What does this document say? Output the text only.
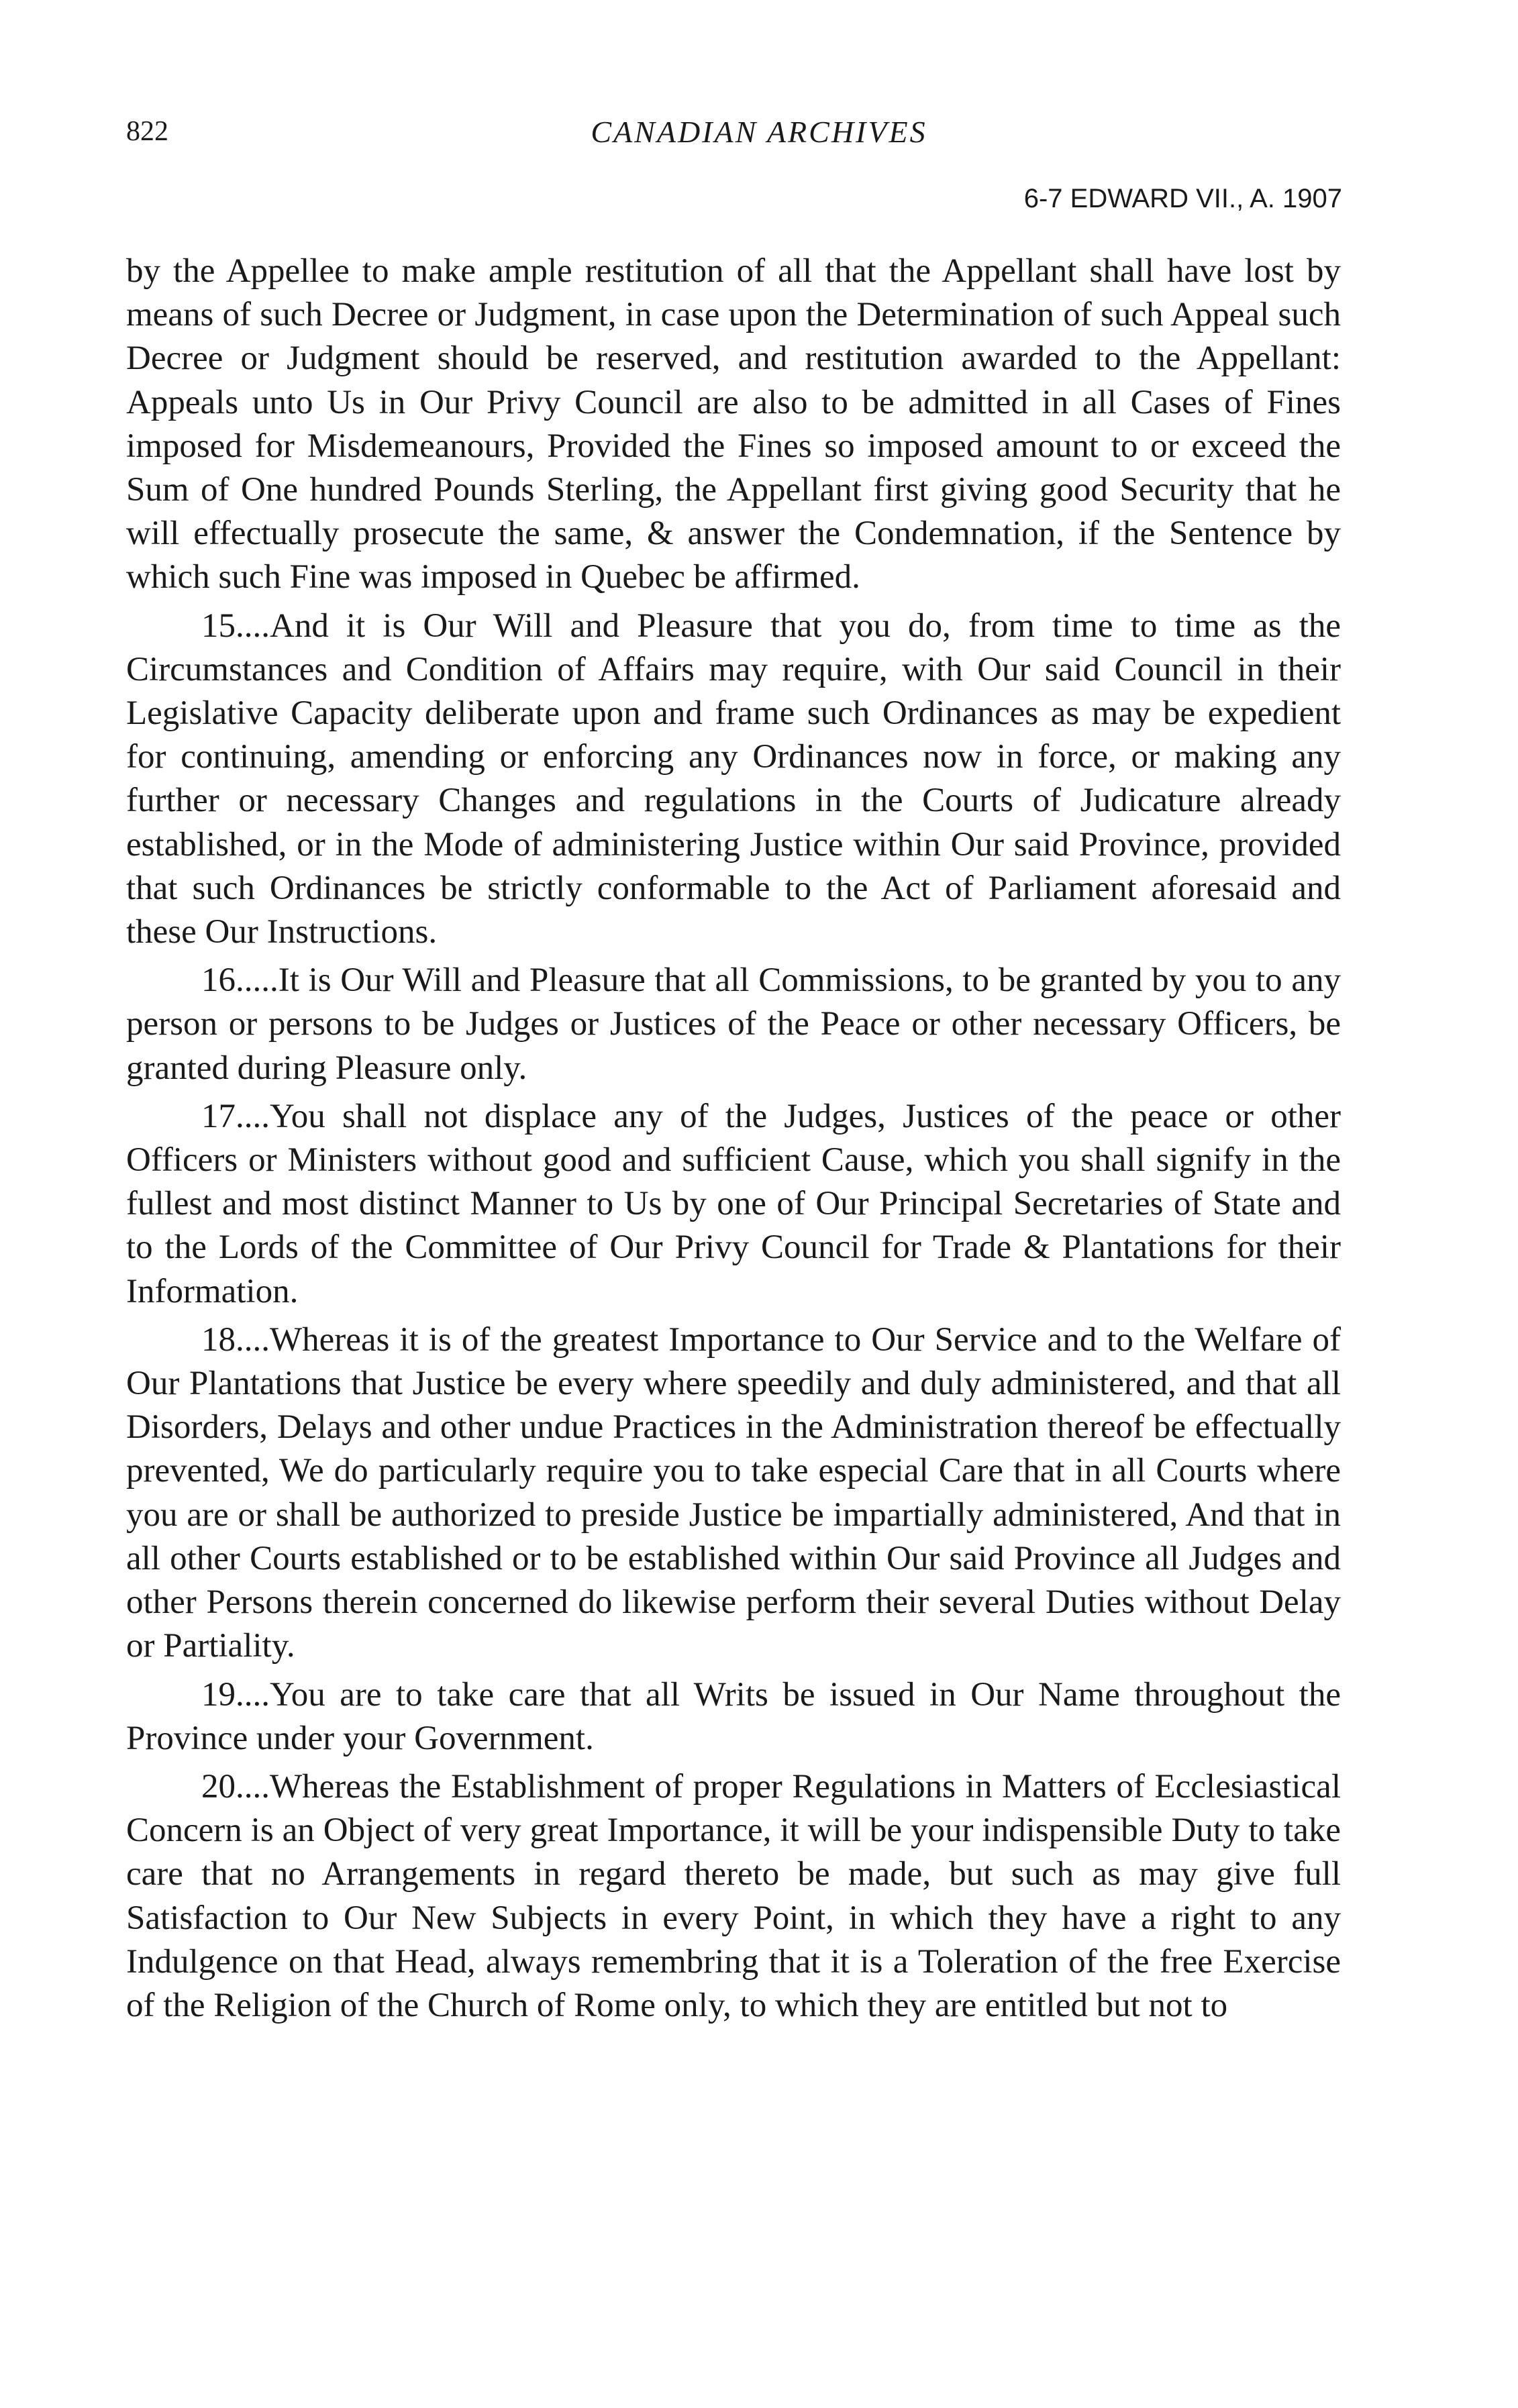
822	CANADIAN ARCHIVES
6-7 EDWARD VII., A. 1907

by the Appellee to make ample restitution of all that the Appellant shall have lost by means of such Decree or Judgment, in case upon the Determination of such Appeal such Decree or Judgment should be reserved, and restitution awarded to the Appellant: Appeals unto Us in Our Privy Council are also to be admitted in all Cases of Fines imposed for Misdemeanours, Provided the Fines so imposed amount to or exceed the Sum of One hundred Pounds Sterling, the Appellant first giving good Security that he will effectually prosecute the same, & answer the Condemnation, if the Sentence by which such Fine was imposed in Quebec be affirmed.

15....And it is Our Will and Pleasure that you do, from time to time as the Circumstances and Condition of Affairs may require, with Our said Council in their Legislative Capacity deliberate upon and frame such Ordinances as may be expedient for continuing, amending or enforcing any Ordinances now in force, or making any further or necessary Changes and regulations in the Courts of Judicature already established, or in the Mode of administering Justice within Our said Province, provided that such Ordinances be strictly conformable to the Act of Parliament aforesaid and these Our Instructions.

16.....It is Our Will and Pleasure that all Commissions, to be granted by you to any person or persons to be Judges or Justices of the Peace or other necessary Officers, be granted during Pleasure only.

17....You shall not displace any of the Judges, Justices of the peace or other Officers or Ministers without good and sufficient Cause, which you shall signify in the fullest and most distinct Manner to Us by one of Our Principal Secretaries of State and to the Lords of the Committee of Our Privy Council for Trade & Plantations for their Information.

18....Whereas it is of the greatest Importance to Our Service and to the Welfare of Our Plantations that Justice be every where speedily and duly administered, and that all Disorders, Delays and other undue Practices in the Administration thereof be effectually prevented, We do particularly require you to take especial Care that in all Courts where you are or shall be authorized to preside Justice be impartially administered, And that in all other Courts established or to be established within Our said Province all Judges and other Persons therein concerned do likewise perform their several Duties without Delay or Partiality.

19....You are to take care that all Writs be issued in Our Name throughout the Province under your Government.

20....Whereas the Establishment of proper Regulations in Matters of Ecclesiastical Concern is an Object of very great Importance, it will be your indispensible Duty to take care that no Arrangements in regard thereto be made, but such as may give full Satisfaction to Our New Subjects in every Point, in which they have a right to any Indulgence on that Head, always remembring that it is a Toleration of the free Exercise of the Religion of the Church of Rome only, to which they are entitled but not to
